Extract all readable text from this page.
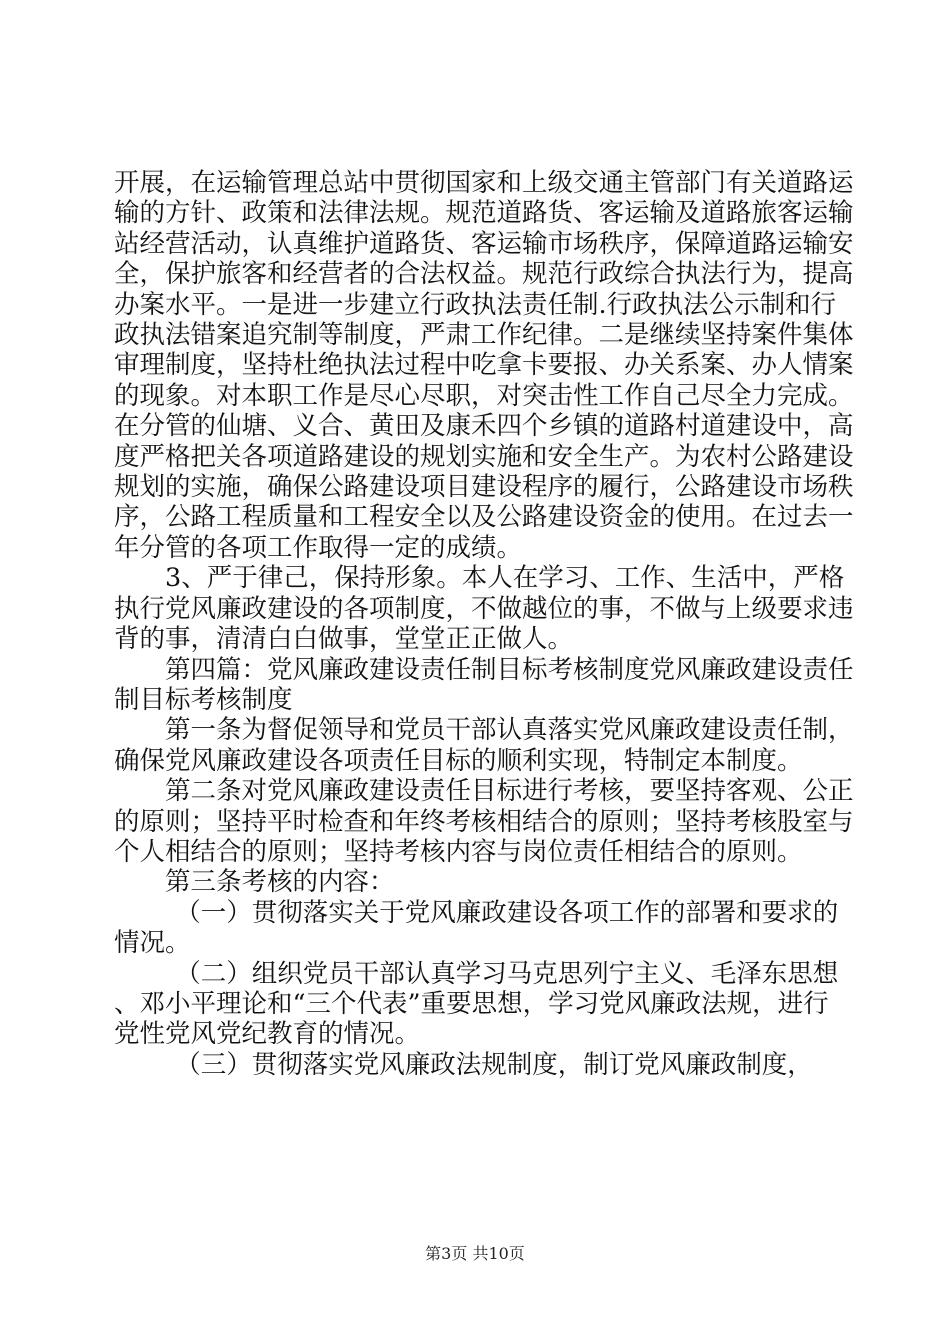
开展，在运输管理总站中贯彻国家和上级交通主管部门有关道路运输的方针、政策和法律法规。规范道路货、客运输及道路旅客运输站经营活动，认真维护道路货、客运输市场秩序，保障道路运输安全，保护旅客和经营者的合法权益。规范行政综合执法行为，提高办案水平。一是进一步建立行政执法责任制.行政执法公示制和行政执法错案追究制等制度，严肃工作纪律。二是继续坚持案件集体审理制度，坚持杜绝执法过程中吃拿卡要报、办关系案、办人情案的现象。对本职工作是尽心尽职，对突击性工作自己尽全力完成。在分管的仙塘、义合、黄田及康禾四个乡镇的道路村道建设中，高度严格把关各项道路建设的规划实施和安全生产。为农村公路建设规划的实施，确保公路建设项目建设程序的履行，公路建设市场秩序，公路工程质量和工程安全以及公路建设资金的使用。在过去一年分管的各项工作取得一定的成绩。

3、严于律己，保持形象。本人在学习、工作、生活中，严格执行党风廉政建设的各项制度，不做越位的事，不做与上级要求违背的事，清清白白做事，堂堂正正做人。

第四篇：党风廉政建设责任制目标考核制度党风廉政建设责任制目标考核制度

第一条为督促领导和党员干部认真落实党风廉政建设责任制，确保党风廉政建设各项责任目标的顺利实现，特制定本制度。

第二条对党风廉政建设责任目标进行考核，要坚持客观、公正的原则；坚持平时检查和年终考核相结合的原则；坚持考核股室与个人相结合的原则；坚持考核内容与岗位责任相结合的原则。

第三条考核的内容：

（一）贯彻落实关于党风廉政建设各项工作的部署和要求的情况。

（二）组织党员干部认真学习马克思列宁主义、毛泽东思想、邓小平理论和“三个代表”重要思想，学习党风廉政法规，进行党性党风党纪教育的情况。

（三）贯彻落实党风廉政法规制度，制订党风廉政制度，

第3页 共10页
